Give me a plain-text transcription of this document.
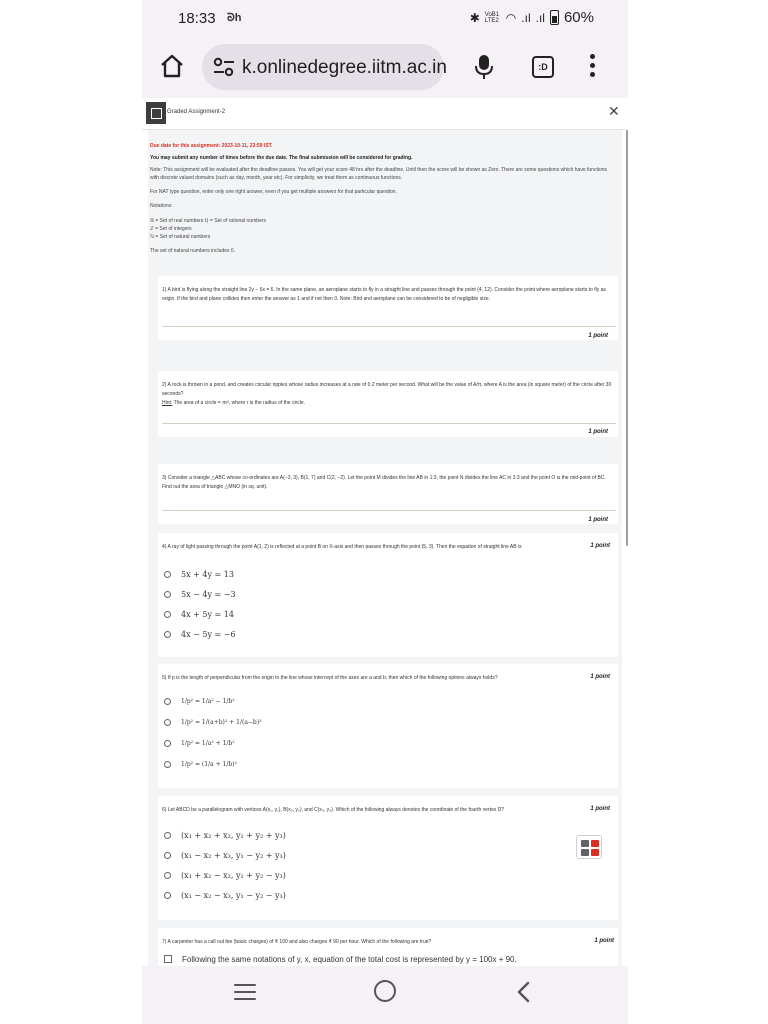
18:33 ᘐh	✱ VoB1 LTE2 ◠ .ıl .ıl 60%
k.onlinedegree.iitm.ac.in	:D
Graded Assignment-2	✕

Due date for this assignment: 2023-10-11, 23:59 IST.

You may submit any number of times before the due date. The final submission will be considered for grading.

Note: This assignment will be evaluated after the deadline passes. You will get your score 48 hrs after the deadline. Until then the score will be shown as Zero. There are some questions which have functions with discrete valued domains (such as day, month, year etc). For simplicity, we treat them as continuous functions.

For NAT type question, enter only one right answer, even if you get multiple answers for that particular question.

Notations:

ℝ = Set of real numbers ℚ = Set of rational numbers

ℤ = Set of integers

ℕ = Set of natural numbers

The set of natural numbers includes 0.

1) A bird is flying along the straight line 2y − 6x = 6. In the same plane, an aeroplane starts to fly in a straight line and passes through the point (4, 12). Consider the point where aeroplane starts to fly as origin. If the bird and plane collides then enter the answer as 1 and if not then 0. Note: Bird and aeroplane can be considered to be of negligible size.
1 point
2) A rock is thrown in a pond, and creates circular ripples whose radius increases at a rate of 0.2 meter per second. What will be the value of A/π, where A is the area (in square meter) of the circle after 30 seconds?
Hint: The area of a circle = πr², where r is the radius of the circle.
1 point
3) Consider a triangle △ABC whose co-ordinates are A(−3, 3), B(1, 7) and C(2, −2). Let the point M divides the line AB in 1:3, the point N divides the line AC in 2:3 and the point O is the mid-point of BC. Find out the area of triangle △MNO (in sq. unit).
1 point
4) A ray of light passing through the point A(1, 2) is reflected at a point B on X-axis and then passes through the point (5, 3). Then the equation of straight line AB is	1 point
5x + 4y = 13
5x − 4y = −3
4x + 5y = 14
4x − 5y = −6
5) If p is the length of perpendicular from the origin to the line whose intercept of the axes are a and b, then which of the following options always holds?	1 point
1/p² = 1/a² − 1/b²
1/p² = 1/(a+b)² + 1/(a−b)²
1/p² = 1/a² + 1/b²
1/p² = (1/a + 1/b)²
6) Let ABCD be a parallelogram with vertices A(x₁, y₁), B(x₂, y₂), and C(x₃, y₃). Which of the following always denotes the coordinate of the fourth vertex D?	1 point
(x₁ + x₂ + x₃, y₁ + y₂ + y₃)
(x₁ − x₂ + x₃, y₁ − y₂ + y₃)
(x₁ + x₂ − x₃, y₁ + y₂ − y₃)
(x₁ − x₂ − x₃, y₁ − y₂ − y₃)
7) A carpenter has a call out fee (basic charges) of ₹ 100 and also charges ₹ 90 per hour. Which of the following are true?	1 point
Following the same notations of y, x, equation of the total cost is represented by y = 100x + 90.
